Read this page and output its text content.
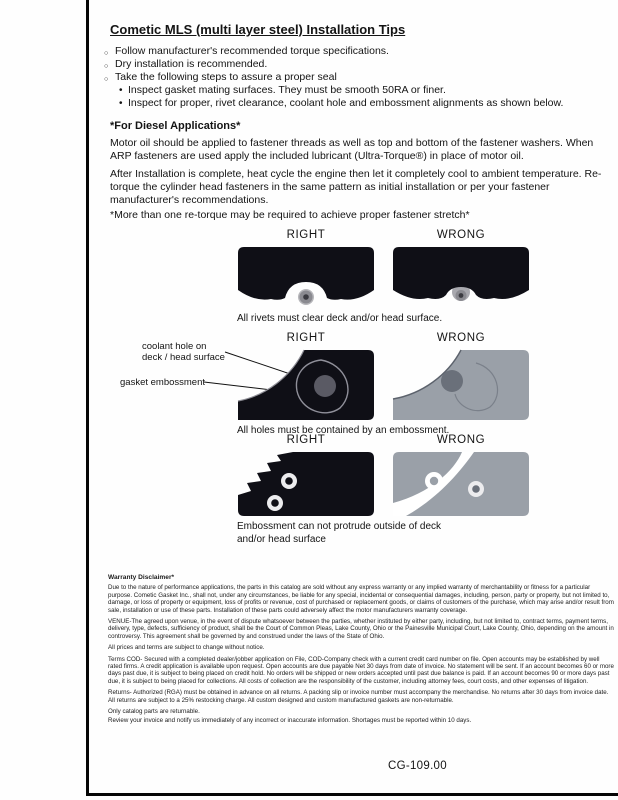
Cometic MLS (multi layer steel) Installation Tips
○ Follow manufacturer's recommended torque specifications.
○ Dry installation is recommended.
○ Take the following steps to assure a proper seal
• Inspect gasket mating surfaces. They must be smooth 50RA or finer.
• Inspect for proper, rivet clearance, coolant hole and embossment alignments as shown below.
*For Diesel Applications*

Motor oil should be applied to fastener threads as well as top and bottom of the fastener washers. When ARP fasteners are used apply the included lubricant (Ultra-Torque®) in place of motor oil.

After Installation is complete, heat cycle the engine then let it completely cool to ambient temperature. Re-torque the cylinder head fasteners in the same pattern as initial installation or per your fastener manufacturer's recommendations.

*More than one re-torque may be required to achieve proper fastener stretch*

RIGHT	WRONG
All rivets must clear deck and/or head surface.
RIGHT	WRONG
coolant hole on
deck / head surface
gasket embossment
All holes must be contained by an embossment.
RIGHT	WRONG
Embossment can not protrude outside of deck
and/or head surface
Warranty Disclaimer*

Due to the nature of performance applications, the parts in this catalog are sold without any express warranty or any implied warranty of merchantability or fitness for a particular purpose. Cometic Gasket Inc., shall not, under any circumstances, be liable for any special, incidental or consequential damages, including, person, party or property, but not limited to, damage, or loss of property or equipment, loss of profits or revenue, cost of purchased or replacement goods, or claims of customers of the purchase, which may arise and/or result from sale, installation or use of these parts. Installation of these parts could adversely affect the motor manufacturers warranty coverage.

VENUE-The agreed upon venue, in the event of dispute whatsoever between the parties, whether instituted by either party, including, but not limited to, contract terms, payment terms, delivery, type, defects, sufficiency of product, shall be the Court of Common Pleas, Lake County, Ohio or the Painesville Municipal Court, Lake County, Ohio, depending on the amount in controversy. This agreement shall be governed by and construed under the laws of the State of Ohio.

All prices and terms are subject to change without notice.

Terms COD- Secured with a completed dealer/jobber application on File, COD-Company check with a current credit card number on file. Open accounts may be established by well rated firms. A credit application is available upon request. Open accounts are due payable Net 30 days from date of invoice. No statement will be sent. If an account becomes 60 or more days past due, it is subject to being placed on credit hold. No orders will be shipped or new orders accepted until past due balance is paid. If an account becomes 90 or more days past due, it is subject to being placed for collections. All costs of collection are the responsibility of the customer, including attorney fees, court costs, and other expenses of litigation.

Returns- Authorized (RGA) must be obtained in advance on all returns. A packing slip or invoice number must accompany the merchandise. No returns after 30 days from invoice date. All returns are subject to a 25% restocking charge. All custom designed and custom manufactured gaskets are non-returnable.

Only catalog parts are returnable.

Review your invoice and notify us immediately of any incorrect or inaccurate information. Shortages must be reported within 10 days.

CG-109.00
